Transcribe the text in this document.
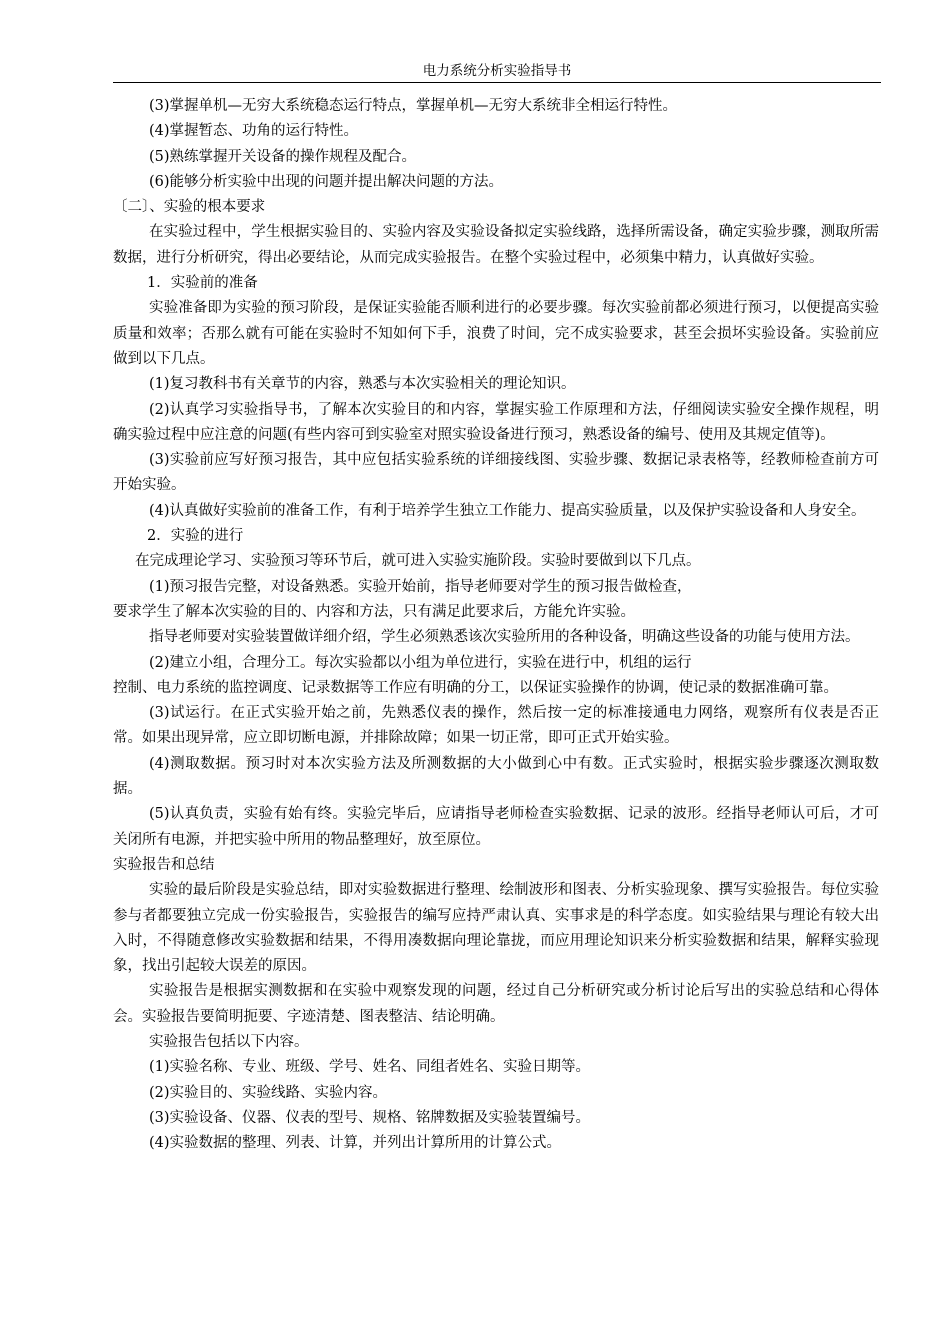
电力系统分析实验指导书

(3)掌握单机—无穷大系统稳态运行特点，掌握单机—无穷大系统非全相运行特性。

(4)掌握暂态、功角的运行特性。

(5)熟练掌握开关设备的操作规程及配合。

(6)能够分析实验中出现的问题并提出解决问题的方法。

〔二〕、实验的根本要求

在实验过程中，学生根据实验目的、实验内容及实验设备拟定实验线路，选择所需设备，确定实验步骤，测取所需数据，进行分析研究，得出必要结论，从而完成实验报告。在整个实验过程中，必须集中精力，认真做好实验。

1．实验前的准备

实验准备即为实验的预习阶段，是保证实验能否顺利进行的必要步骤。每次实验前都必须进行预习，以便提高实验质量和效率；否那么就有可能在实验时不知如何下手，浪费了时间，完不成实验要求，甚至会损坏实验设备。实验前应做到以下几点。

(1)复习教科书有关章节的内容，熟悉与本次实验相关的理论知识。

(2)认真学习实验指导书，了解本次实验目的和内容，掌握实验工作原理和方法，仔细阅读实验安全操作规程，明确实验过程中应注意的问题(有些内容可到实验室对照实验设备进行预习，熟悉设备的编号、使用及其规定值等)。

(3)实验前应写好预习报告，其中应包括实验系统的详细接线图、实验步骤、数据记录表格等，经教师检查前方可开始实验。

(4)认真做好实验前的准备工作，有利于培养学生独立工作能力、提高实验质量，以及保护实验设备和人身安全。

2．实验的进行

在完成理论学习、实验预习等环节后，就可进入实验实施阶段。实验时要做到以下几点。

(1)预习报告完整，对设备熟悉。实验开始前，指导老师要对学生的预习报告做检查，

要求学生了解本次实验的目的、内容和方法，只有满足此要求后，方能允许实验。

指导老师要对实验装置做详细介绍，学生必须熟悉该次实验所用的各种设备，明确这些设备的功能与使用方法。

(2)建立小组，合理分工。每次实验都以小组为单位进行，实验在进行中，机组的运行

控制、电力系统的监控调度、记录数据等工作应有明确的分工，以保证实验操作的协调，使记录的数据准确可靠。

(3)试运行。在正式实验开始之前，先熟悉仪表的操作，然后按一定的标准接通电力网络，观察所有仪表是否正常。如果出现异常，应立即切断电源，并排除故障；如果一切正常，即可正式开始实验。

(4)测取数据。预习时对本次实验方法及所测数据的大小做到心中有数。正式实验时，根据实验步骤逐次测取数据。

(5)认真负责，实验有始有终。实验完毕后，应请指导老师检查实验数据、记录的波形。经指导老师认可后，才可关闭所有电源，并把实验中所用的物品整理好，放至原位。

实验报告和总结

实验的最后阶段是实验总结，即对实验数据进行整理、绘制波形和图表、分析实验现象、撰写实验报告。每位实验参与者都要独立完成一份实验报告，实验报告的编写应持严肃认真、实事求是的科学态度。如实验结果与理论有较大出入时，不得随意修改实验数据和结果，不得用凑数据向理论靠拢，而应用理论知识来分析实验数据和结果，解释实验现象，找出引起较大误差的原因。

实验报告是根据实测数据和在实验中观察发现的问题，经过自己分析研究或分析讨论后写出的实验总结和心得体会。实验报告要简明扼要、字迹清楚、图表整洁、结论明确。

实验报告包括以下内容。

(1)实验名称、专业、班级、学号、姓名、同组者姓名、实验日期等。

(2)实验目的、实验线路、实验内容。

(3)实验设备、仪器、仪表的型号、规格、铭牌数据及实验装置编号。

(4)实验数据的整理、列表、计算，并列出计算所用的计算公式。
